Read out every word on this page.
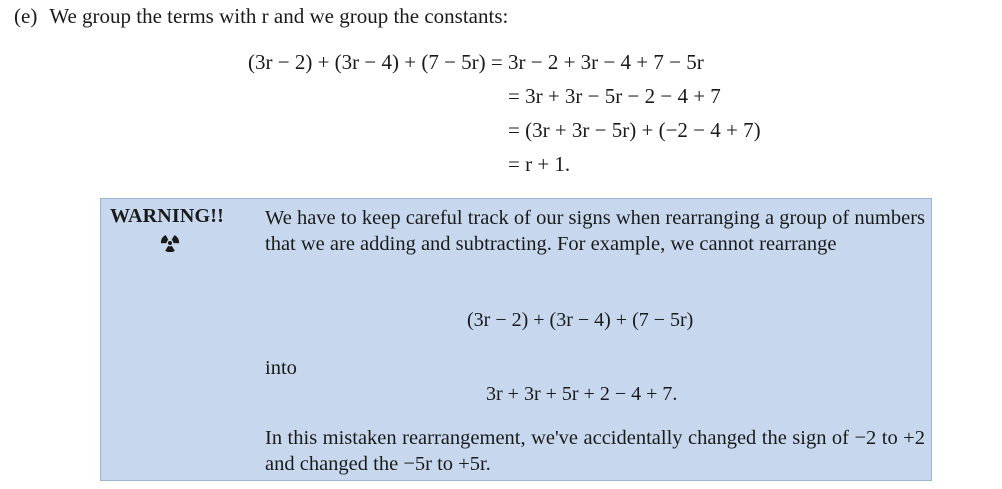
(e) We group the terms with r and we group the constants:
(3r − 2) + (3r − 4) + (7 − 5r) = 3r − 2 + 3r − 4 + 7 − 5r
= 3r + 3r − 5r − 2 − 4 + 7
= (3r + 3r − 5r) + (−2 − 4 + 7)
= r + 1.
WARNING!! We have to keep careful track of our signs when rearranging a group of numbers that we are adding and subtracting. For example, we cannot rearrange

(3r − 2) + (3r − 4) + (7 − 5r)
into
3r + 3r + 5r + 2 − 4 + 7.
In this mistaken rearrangement, we've accidentally changed the sign of −2 to +2 and changed the −5r to +5r.
